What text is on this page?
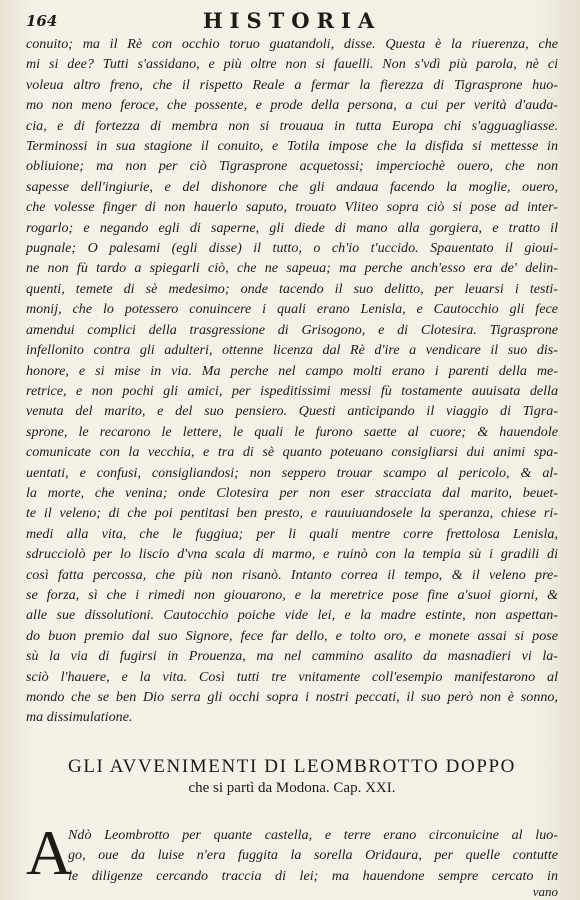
164	HISTORIA

conuito; ma il Rè con occhio toruo guatandoli, disse. Questa è la riuerenza, che
mi si dee? Tutti s'assidano, e più oltre non si fauelli. Non s'vdì più parola, nè ci
voleua altro freno, che il rispetto Reale a fermar la fierezza di Tigrasprone huo-
mo non meno feroce, che possente, e prode della persona, a cui per verità d'auda-
cia, e di fortezza di membra non si trouaua in tutta Europa chi s'agguagliasse.
Terminossi in sua stagione il conuito, e Totila impose che la disfida si mettesse in
obliuione; ma non per ciò Tigrasprone acquetossi; imperciochè ouero, che non
sapesse dell'ingiurie, e del dishonore che gli andaua facendo la moglie, ouero,
che volesse finger di non hauerlo saputo, trouato Vliteo sopra ciò si pose ad inter-
rogarlo; e negando egli di saperne, gli diede di mano alla gorgiera, e tratto il
pugnale; O palesami (egli disse) il tutto, o ch'io t'uccido. Spauentato il gioui-
ne non fù tardo a spiegarli ciò, che ne sapeua; ma perche anch'esso era de' delin-
quenti, temete di sè medesimo; onde tacendo il suo delitto, per leuarsi i testi-
monij, che lo potessero conuincere i quali erano Lenisla, e Cautocchio gli fece
amendui complici della trasgressione di Grisogono, e di Clotesira. Tigrasprone
infellonito contra gli adulteri, ottenne licenza dal Rè d'ire a vendicare il suo dis-
honore, e si mise in via. Ma perche nel campo molti erano i parenti della me-
retrice, e non pochi gli amici, per ispeditissimi messi fù tostamente auuisata della
venuta del marito, e del suo pensiero. Questi anticipando il viaggio di Tigra-
sprone, le recarono le lettere, le quali le furono saette al cuore; & hauendole
comunicate con la vecchia, e tra di sè quanto poteuano consigliarsi dui animi spa-
uentati, e confusi, consigliandosi; non seppero trouar scampo al pericolo, & al-
la morte, che venina; onde Clotesira per non eser stracciata dal marito, beuet-
te il veleno; di che poi pentitasi ben presto, e rauuiuandosele la speranza, chiese ri-
medi alla vita, che le fuggiua; per li quali mentre corre frettolosa Lenisla,
sdrucciolò per lo liscio d'vna scala di marmo, e ruinò con la tempia sù i gradili di
così fatta percossa, che più non risanò. Intanto correa il tempo, & il veleno pre-
se forza, sì che i rimedi non giouarono, e la meretrice pose fine a'suoi giorni, &
alle sue dissolutioni. Cautocchio poiche vide lei, e la madre estinte, non aspettan-
do buon premio dal suo Signore, fece far dello, e tolto oro, e monete assai si pose
sù la via di fugirsi in Prouenza, ma nel cammino asalito da masnadieri vi la-
sciò l'hauere, e la vita. Così tutti tre vnitamente coll'esempio manifestarono al
mondo che se ben Dio serra gli occhi sopra i nostri peccati, il suo però non è sonno,
ma dissimulatione.

GLI AVVENIMENTI DI LEOMBROTTO DOPPO
che si partì da Modona. Cap. XXI.
A

Ndò Leombrotto per quante castella, e terre erano circonuicine al luo-
go, oue da luise n'era fuggita la sorella Oridaura, per quelle contutte
le diligenze cercando traccia di lei; ma hauendone sempre cercato in

vano
